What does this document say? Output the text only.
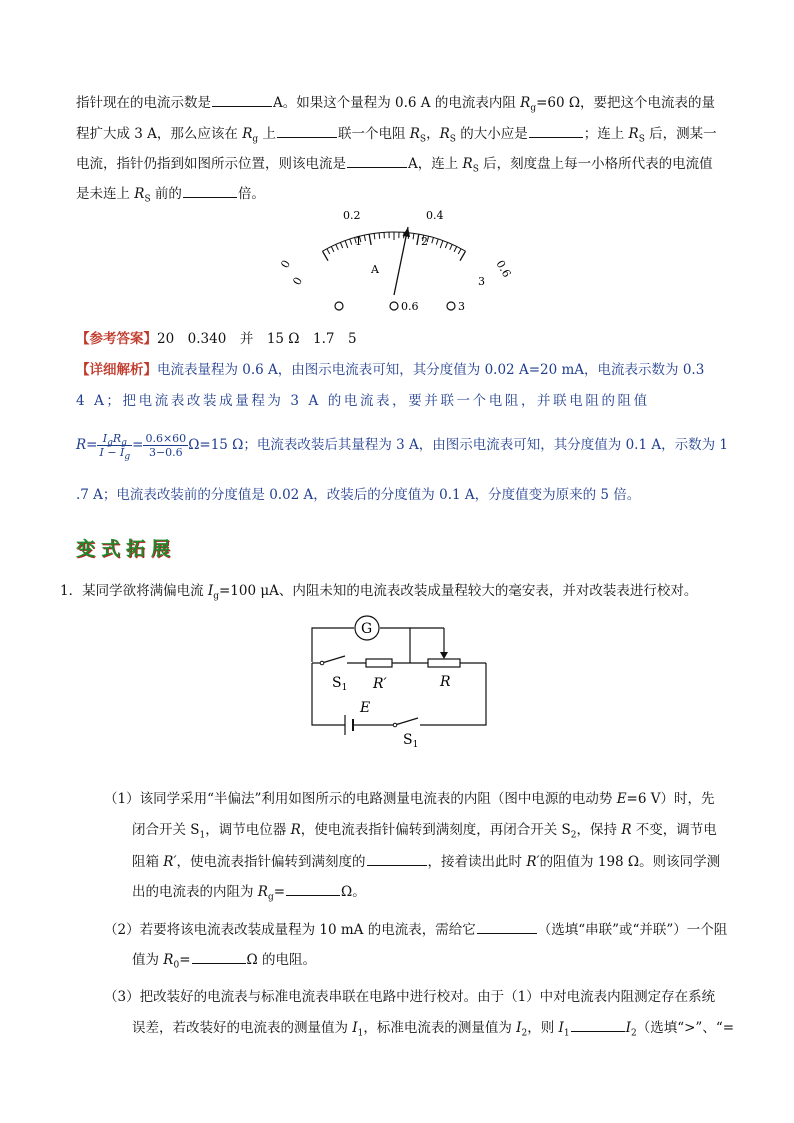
指针现在的电流示数是	A。如果这个量程为 0.6 A 的电流表内阻 $R_g=60$ Ω，要把这个电流表的量
程扩大成 3 A，那么应该在 $R_g$ 上	联一个电阻 $R_S$，$R_S$ 的大小应是	；连上 $R_S$ 后，测某一
电流，指针仍指到如图所示位置，则该电流是	A，连上 $R_S$ 后，刻度盘上每一小格所代表的电流值
是未连上 $R_S$ 前的	倍。
0
0.2	0.4
0.6
0
1	2
3
A
0.6	3
【参考答案】20　0.340　并　15 Ω　1.7　5
【详细解析】电流表量程为 0.6 A，由图示电流表可知，其分度值为 0.02 A=20 mA，电流表示数为 0.3
4 A；把电流表改装成量程为 3 A 的电流表，要并联一个电阻，并联电阻的阻值
$R= \frac{I_gR_g}{I - I_g} = \frac{0.6\times 60}{3-0.6} \Omega=15$ Ω；电流表改装后其量程为 3 A，由图示电流表可知，其分度值为 0.1 A，示数为 1
.7 A；电流表改装前的分度值是 0.02 A，改装后的分度值为 0.1 A，分度值变为原来的 5 倍。
变式拓展
1．某同学欲将满偏电流 $I_g=100$ μA、内阻未知的电流表改装成量程较大的毫安表，并对改装表进行校对。
G
$S_1$ R′	R
E
$S_1$
（1）该同学采用“半偏法”利用如图所示的电路测量电流表的内阻（图中电源的电动势 E=6 V）时，先
闭合开关 $S_1$，调节电位器 R，使电流表指针偏转到满刻度，再闭合开关 $S_2$，保持 R 不变，调节电
阻箱 R′，使电流表指针偏转到满刻度的	，接着读出此时 R′的阻值为 198 Ω。则该同学测
出的电流表的内阻为 $R_g=$	Ω。
（2）若要将该电流表改装成量程为 10 mA 的电流表，需给它	（选填“串联”或“并联”）一个阻
值为 $R_0=$	Ω 的电阻。
（3）把改装好的电流表与标准电流表串联在电路中进行校对。由于（1）中对电流表内阻测定存在系统
误差，若改装好的电流表的测量值为 $I_1$，标准电流表的测量值为 $I_2$，则 $I_1$	$I_2$（选填“>”、“=
